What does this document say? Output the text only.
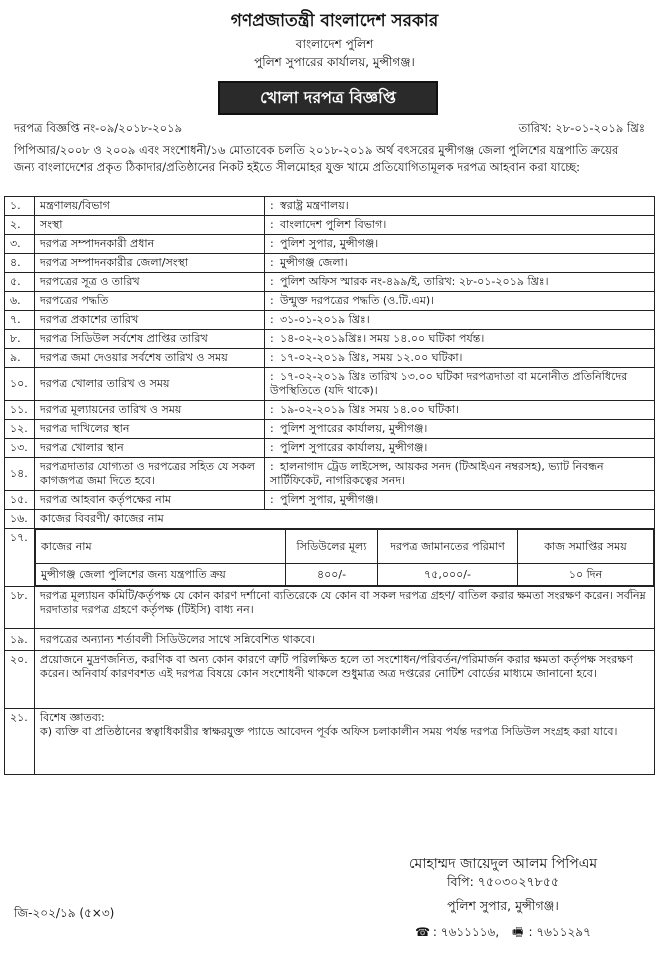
গণপ্রজাতন্ত্রী বাংলাদেশ সরকার
বাংলাদেশ পুলিশ
পুলিশ সুপারের কার্যালয়, মুন্সীগঞ্জ।
খোলা দরপত্র বিজ্ঞপ্তি
দরপত্র বিজ্ঞপ্তি নং-০৯/২০১৮-২০১৯	তারিখ: ২৮-০১-২০১৯ খ্রিঃ
পিপিআর/২০০৮ ও ২০০৯ এবং সংশোধনী/১৬ মোতাবেক চলতি ২০১৮-২০১৯ অর্থ বৎসরের মুন্সীগঞ্জ জেলা পুলিশের যন্ত্রপাতি ক্রয়ের জন্য বাংলাদেশের প্রকৃত ঠিকাদার/প্রতিষ্ঠানের নিকট হইতে সীলমোহর যুক্ত খামে প্রতিযোগিতামূলক দরপত্র আহবান করা যাচ্ছে:
১.	মন্ত্রণালয়/বিভাগ	: স্বরাষ্ট্র মন্ত্রণালয়।
২.	সংস্থা	: বাংলাদেশ পুলিশ বিভাগ।
৩.	দরপত্র সম্পাদনকারী প্রধান	: পুলিশ সুপার, মুন্সীগঞ্জ।
৪.	দরপত্র সম্পাদনকারীর জেলা/সংস্থা	: মুন্সীগঞ্জ জেলা।
৫.	দরপত্রের সূত্র ও তারিখ	: পুলিশ অফিস স্মারক নং-৪৯৯/ই, তারিখ: ২৮-০১-২০১৯ খ্রিঃ।
৬.	দরপত্রের পদ্ধতি	: উন্মুক্ত দরপত্রের পদ্ধতি (ও.টি.এম)।
৭.	দরপত্র প্রকাশের তারিখ	: ৩১-০১-২০১৯ খ্রিঃ।
৮.	দরপত্র সিডিউল সর্বশেষ প্রাপ্তির তারিখ	: ১৪-০২-২০১৯খ্রিঃ। সময় ১৪.০০ ঘটিকা পর্যন্ত।
৯.	দরপত্র জমা দেওয়ার সর্বশেষ তারিখ ও সময়	: ১৭-০২-২০১৯ খ্রিঃ, সময় ১২.০০ ঘটিকা।
১০.	দরপত্র খোলার তারিখ ও সময়	: ১৭-০২-২০১৯ খ্রিঃ তারিখ ১৩.০০ ঘটিকা দরপত্রদাতা বা মনোনীত প্রতিনিধিদের উপস্থিতিতে (যদি থাকে)।
১১.	দরপত্র মূল্যায়নের তারিখ ও সময়	: ১৯-০২-২০১৯ খ্রিঃ সময় ১৪.০০ ঘটিকা।
১২.	দরপত্র দাখিলের স্থান	: পুলিশ সুপারের কার্যালয়, মুন্সীগঞ্জ।
১৩.	দরপত্র খোলার স্থান	: পুলিশ সুপারের কার্যালয়, মুন্সীগঞ্জ।
১৪.	দরপত্রদাতার যোগ্যতা ও দরপত্রের সহিত যে সকল কাগজপত্র জমা দিতে হবে।	: হালনাগাদ ট্রেড লাইসেন্স, আয়কর সনদ (টিআইএন নম্বরসহ), ভ্যাট নিবন্ধন সার্টিফিকেট, নাগরিকত্বের সনদ।
১৫.	দরপত্র আহবান কর্তৃপক্ষের নাম	: পুলিশ সুপার, মুন্সীগঞ্জ।
১৬.	কাজের বিবরণী/ কাজের নাম
১৭.	
কাজের নাম	সিডিউলের মূল্য	দরপত্র জামানতের পরিমাণ	কাজ সমাপ্তির সময়
মুন্সীগঞ্জ জেলা পুলিশের জন্য যন্ত্রপাতি ক্রয়	৪০০/-	৭৫,০০০/-	১০ দিন

১৮.	দরপত্র মূল্যায়ন কমিটি/কর্তৃপক্ষ যে কোন কারণ দর্শানো ব্যতিরেকে যে কোন বা সকল দরপত্র গ্রহণ/ বাতিল করার ক্ষমতা সংরক্ষণ করেন। সর্বনিম্ন দরদাতার দরপত্র গ্রহণে কর্তৃপক্ষ (টিইসি) বাধ্য নন।
১৯.	দরপত্রের অন্যান্য শর্তাবলী সিডিউলের সাথে সন্নিবেশিত থাকবে।
২০.	প্রয়োজনে মুদ্রণজনিত, করণিক বা অন্য কোন কারণে ত্রুটি পরিলক্ষিত হলে তা সংশোধন/পরিবর্তন/পরিমার্জন করার ক্ষমতা কর্তৃপক্ষ সংরক্ষণ করেন। অনিবার্য কারণবশত এই দরপত্র বিষয়ে কোন সংশোধনী থাকলে শুধুমাত্র অত্র দপ্তরের নোটিশ বোর্ডের মাধ্যমে জানানো হবে।
২১.	বিশেষ জ্ঞাতব্য:
ক) ব্যক্তি বা প্রতিষ্ঠানের স্বত্বাধিকারীর স্বাক্ষরযুক্ত প্যাডে আবেদন পূর্বক অফিস চলাকালীন সময় পর্যন্ত দরপত্র সিডিউল সংগ্রহ করা যাবে।
মোহাম্মদ জায়েদুল আলম পিপিএম
বিপি: ৭৫০৩০২৭৮৫৫
পুলিশ সুপার, মুন্সীগঞ্জ।
☎ : ৭৬১১১১৬, 🖷 : ৭৬১১২৯৭
জি-২০২/১৯ (৫×৩)
